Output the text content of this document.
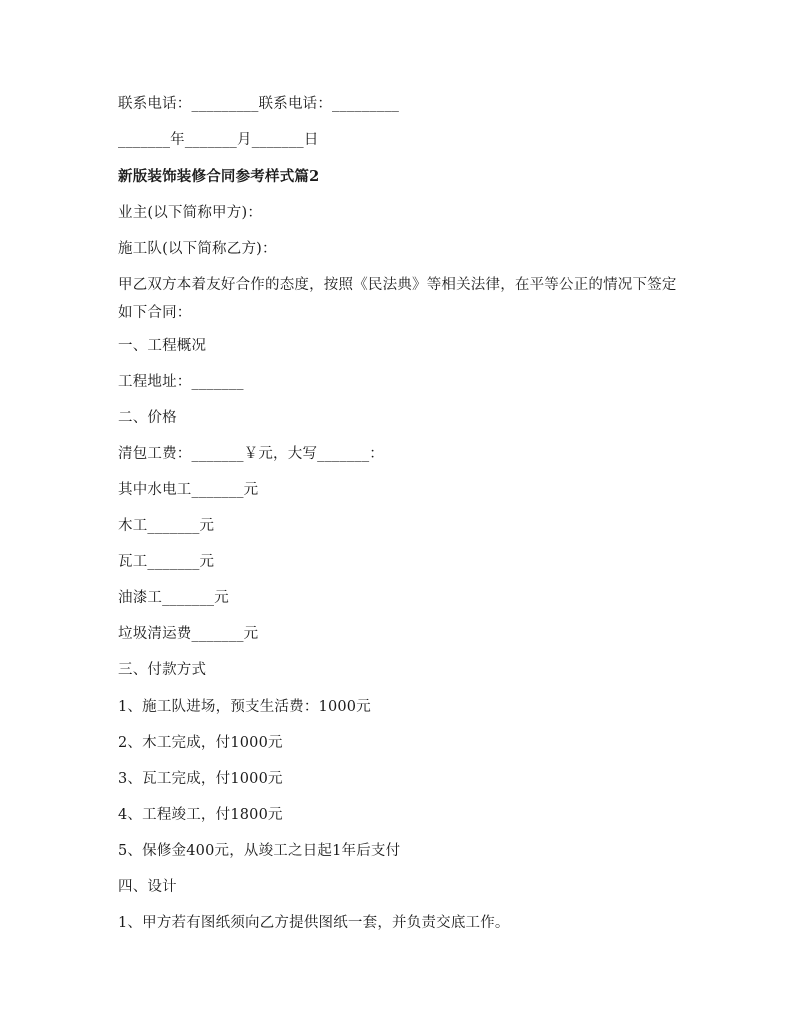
联系电话：_________联系电话：_________
_______年_______月_______日
新版装饰装修合同参考样式篇2
业主(以下简称甲方)：
施工队(以下简称乙方)：
甲乙双方本着友好合作的态度，按照《民法典》等相关法律，在平等公正的情况下签定如下合同：
一、工程概况
工程地址：_______
二、价格
清包工费：_______￥元，大写_______：
其中水电工_______元
木工_______元
瓦工_______元
油漆工_______元
垃圾清运费_______元
三、付款方式
1、施工队进场，预支生活费：1000元
2、木工完成，付1000元
3、瓦工完成，付1000元
4、工程竣工，付1800元
5、保修金400元，从竣工之日起1年后支付
四、设计
1、甲方若有图纸须向乙方提供图纸一套，并负责交底工作。
